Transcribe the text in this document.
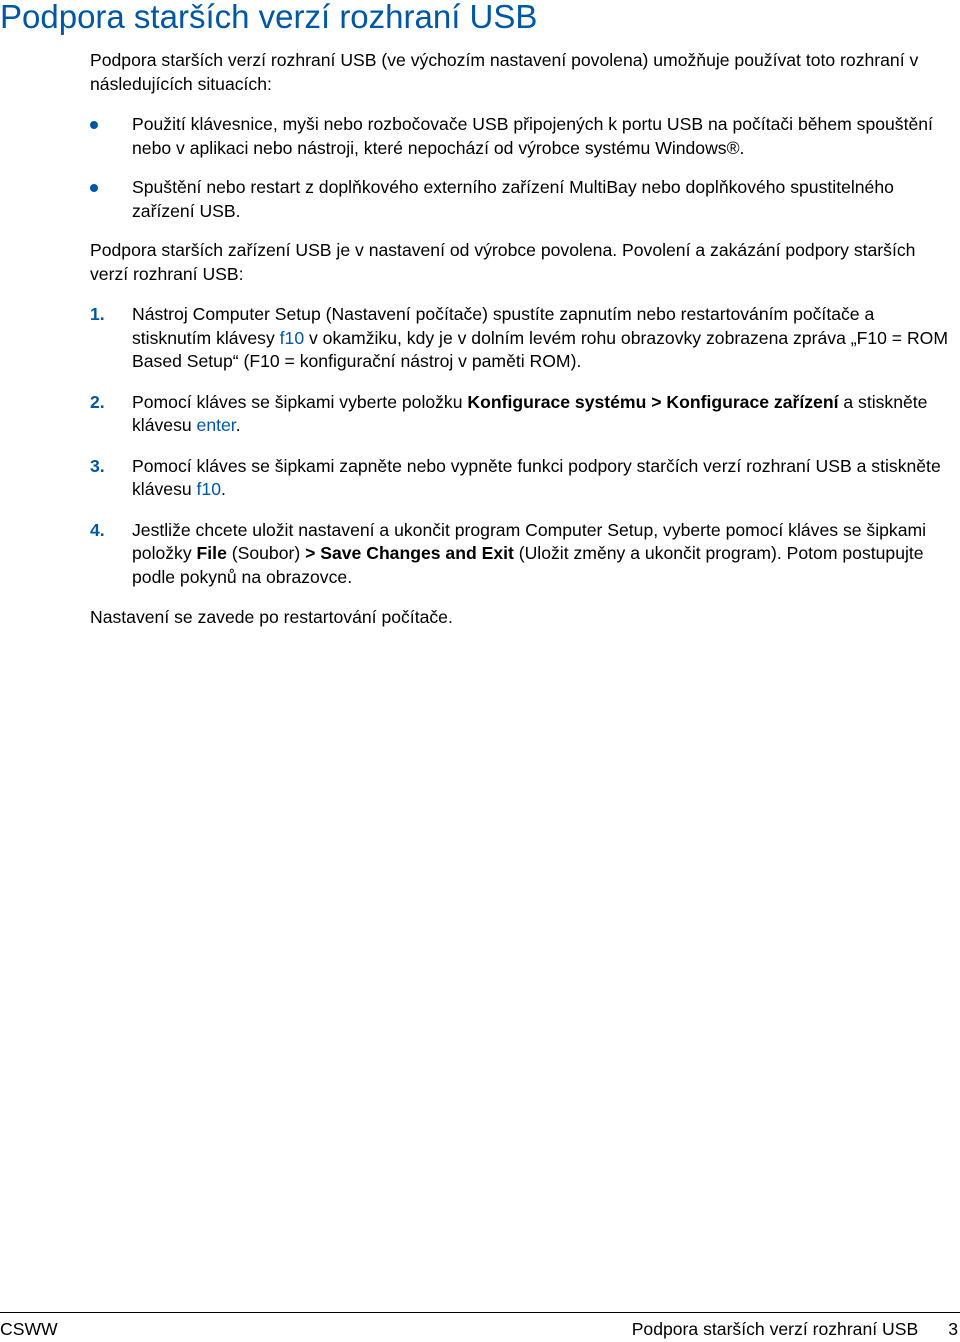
Podpora starších verzí rozhraní USB

Podpora starších verzí rozhraní USB (ve výchozím nastavení povolena) umožňuje používat toto rozhraní v následujících situacích:

Použití klávesnice, myši nebo rozbočovače USB připojených k portu USB na počítači během spouštění nebo v aplikaci nebo nástroji, které nepochází od výrobce systému Windows®.
Spuštění nebo restart z doplňkového externího zařízení MultiBay nebo doplňkového spustitelného zařízení USB.

Podpora starších zařízení USB je v nastavení od výrobce povolena. Povolení a zakázání podpory starších verzí rozhraní USB:

1. Nástroj Computer Setup (Nastavení počítače) spustíte zapnutím nebo restartováním počítače a stisknutím klávesy f10 v okamžiku, kdy je v dolním levém rohu obrazovky zobrazena zpráva „F10 = ROM Based Setup“ (F10 = konfigurační nástroj v paměti ROM).
2. Pomocí kláves se šipkami vyberte položku Konfigurace systému > Konfigurace zařízení a stiskněte klávesu enter.
3. Pomocí kláves se šipkami zapněte nebo vypněte funkci podpory starčích verzí rozhraní USB a stiskněte klávesu f10.
4. Jestliže chcete uložit nastavení a ukončit program Computer Setup, vyberte pomocí kláves se šipkami položky File (Soubor) > Save Changes and Exit (Uložit změny a ukončit program). Potom postupujte podle pokynů na obrazovce.

Nastavení se zavede po restartování počítače.

CSWW	Podpora starších verzí rozhraní USB 3
